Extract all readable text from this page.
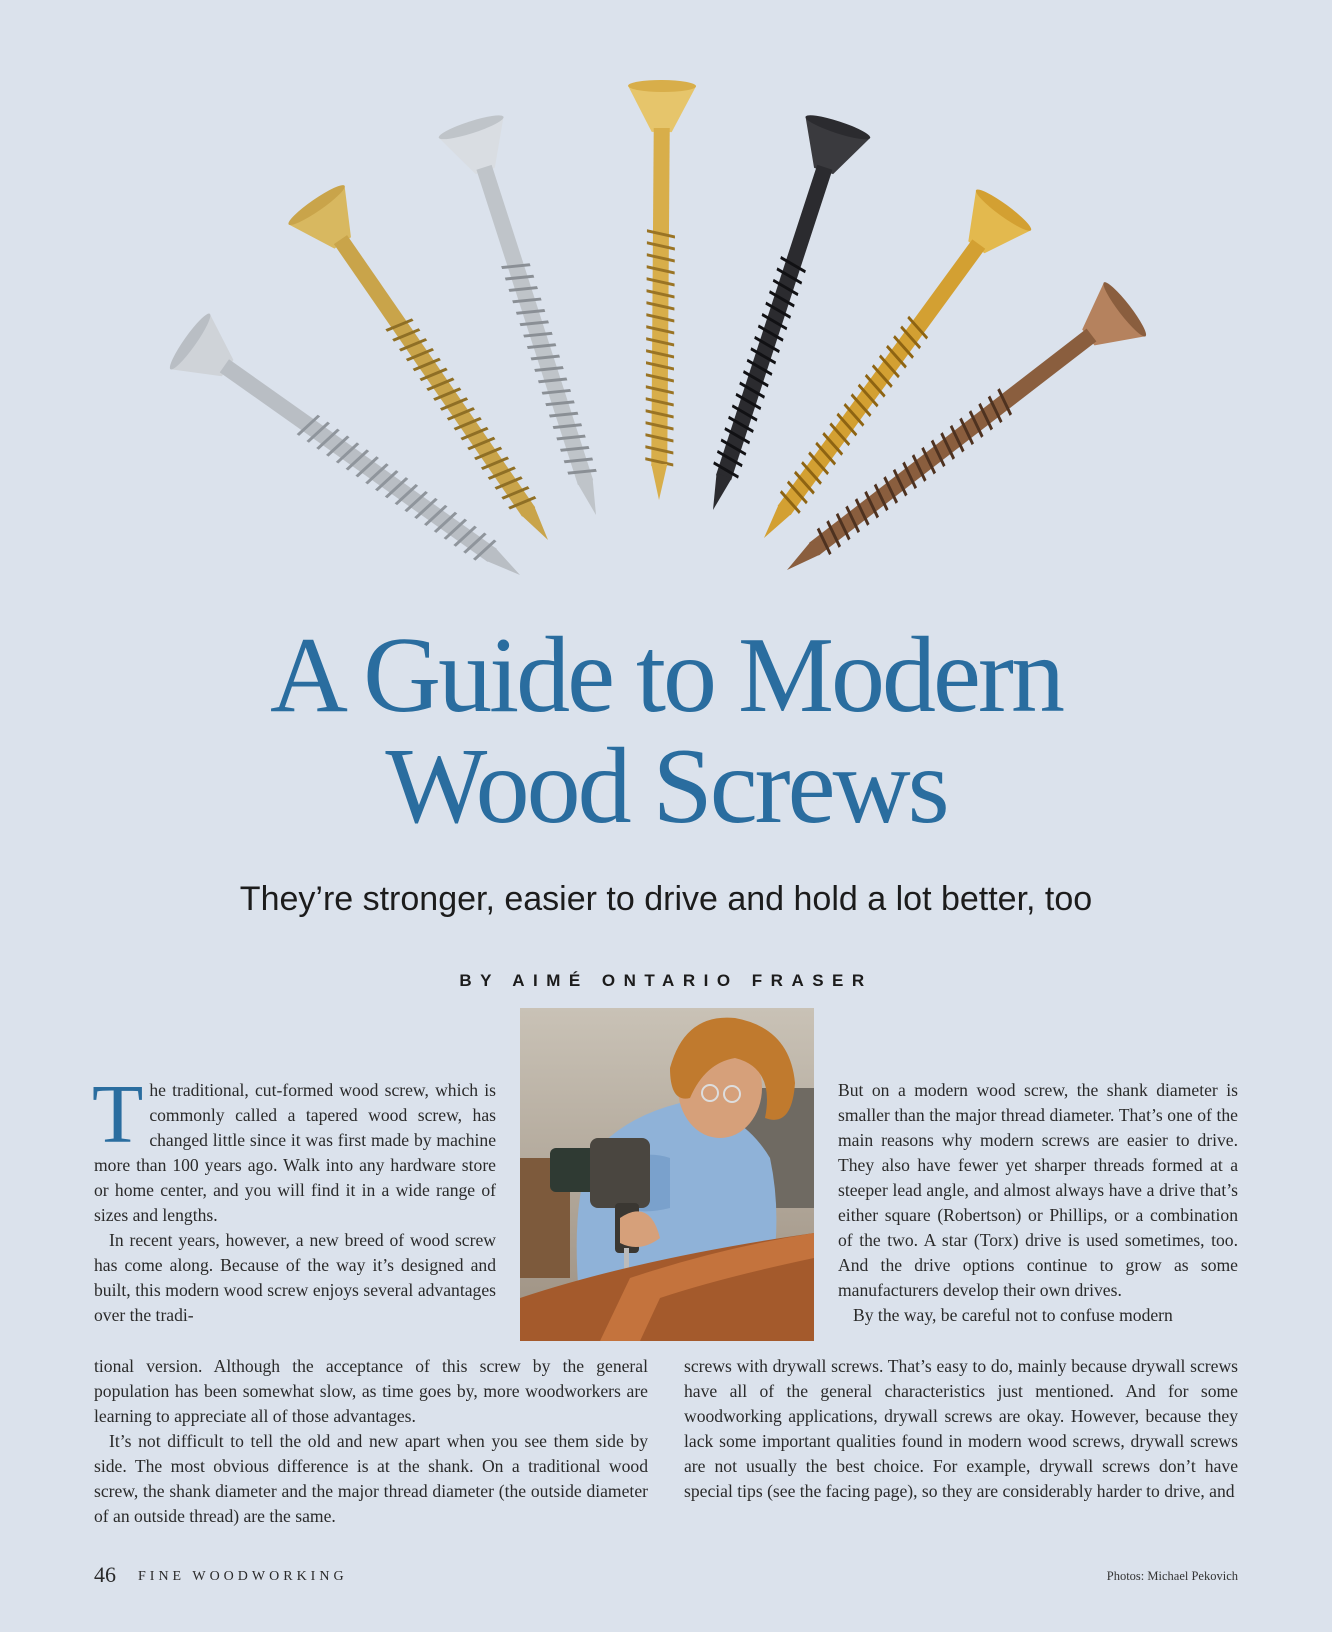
A Guide to Modern
Wood Screws
They’re stronger, easier to drive and hold a lot better, too
BY AIMÉ ONTARIO FRASER

T he traditional, cut-formed wood screw, which is commonly called a tapered wood screw, has changed little since it was first made by machine more than 100 years ago. Walk into any hardware store or home center, and you will find it in a wide range of sizes and lengths.

In recent years, however, a new breed of wood screw has come along. Because of the way it’s designed and built, this modern wood screw enjoys several advantages over the tradi-

tional version. Although the acceptance of this screw by the general population has been somewhat slow, as time goes by, more woodworkers are learning to appreciate all of those advantages.

It’s not difficult to tell the old and new apart when you see them side by side. The most obvious difference is at the shank. On a traditional wood screw, the shank diameter and the major thread diameter (the outside diameter of an outside thread) are the same.

But on a modern wood screw, the shank diameter is smaller than the major thread diameter. That’s one of the main reasons why modern screws are easier to drive. They also have fewer yet sharper threads formed at a steeper lead angle, and almost always have a drive that’s either square (Robertson) or Phillips, or a combination of the two. A star (Torx) drive is used sometimes, too. And the drive options continue to grow as some manufacturers develop their own drives.

By the way, be careful not to confuse modern

screws with drywall screws. That’s easy to do, mainly because drywall screws have all of the general characteristics just mentioned. And for some woodworking applications, drywall screws are okay. However, because they lack some important qualities found in modern wood screws, drywall screws are not usually the best choice. For example, drywall screws don’t have special tips (see the facing page), so they are considerably harder to drive, and

46 FINE WOODWORKING	Photos: Michael Pekovich
